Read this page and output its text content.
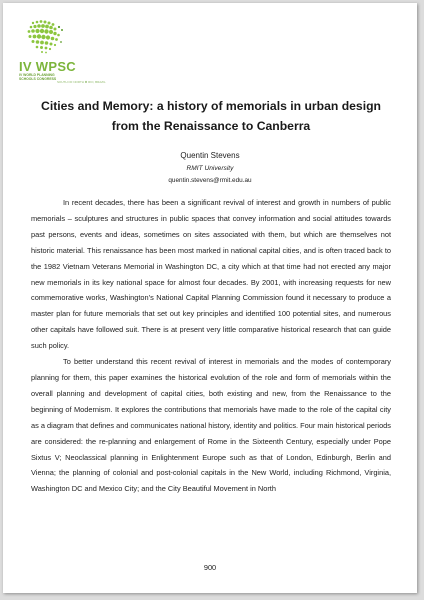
IV WPSC
IV WORLD PLANNING SCHOOLS CONGRESS
SOUTH OF NORTH ✱ RIO, BRAZIL
Cities and Memory: a history of memorials in urban design from the Renaissance to Canberra
Quentin Stevens
RMIT University
quentin.stevens@rmit.edu.au

In recent decades, there has been a significant revival of interest and growth in numbers of public memorials – sculptures and structures in public spaces that convey information and social attitudes towards past persons, events and ideas, sometimes on sites associated with them, but which are themselves not historic material. This renaissance has been most marked in national capital cities, and is often traced back to the 1982 Vietnam Veterans Memorial in Washington DC, a city which at that time had not erected any major new memorials in its key national space for almost four decades. By 2001, with increasing requests for new commemorative works, Washington’s National Capital Planning Commission found it necessary to produce a master plan for future memorials that set out key principles and identified 100 potential sites, and numerous other capitals have followed suit. There is at present very little comparative historical research that can guide such policy.

To better understand this recent revival of interest in memorials and the modes of contemporary planning for them, this paper examines the historical evolution of the role and form of memorials within the overall planning and development of capital cities, both existing and new, from the Renaissance to the beginning of Modernism. It explores the contributions that memorials have made to the role of the capital city as a diagram that defines and communicates national history, identity and politics. Four main historical periods are considered: the re-planning and enlargement of Rome in the Sixteenth Century, especially under Pope Sixtus V; Neoclassical planning in Enlightenment Europe such as that of London, Edinburgh, Berlin and Vienna; the planning of colonial and post-colonial capitals in the New World, including Richmond, Virginia, Washington DC and Mexico City; and the City Beautiful Movement in North

900
